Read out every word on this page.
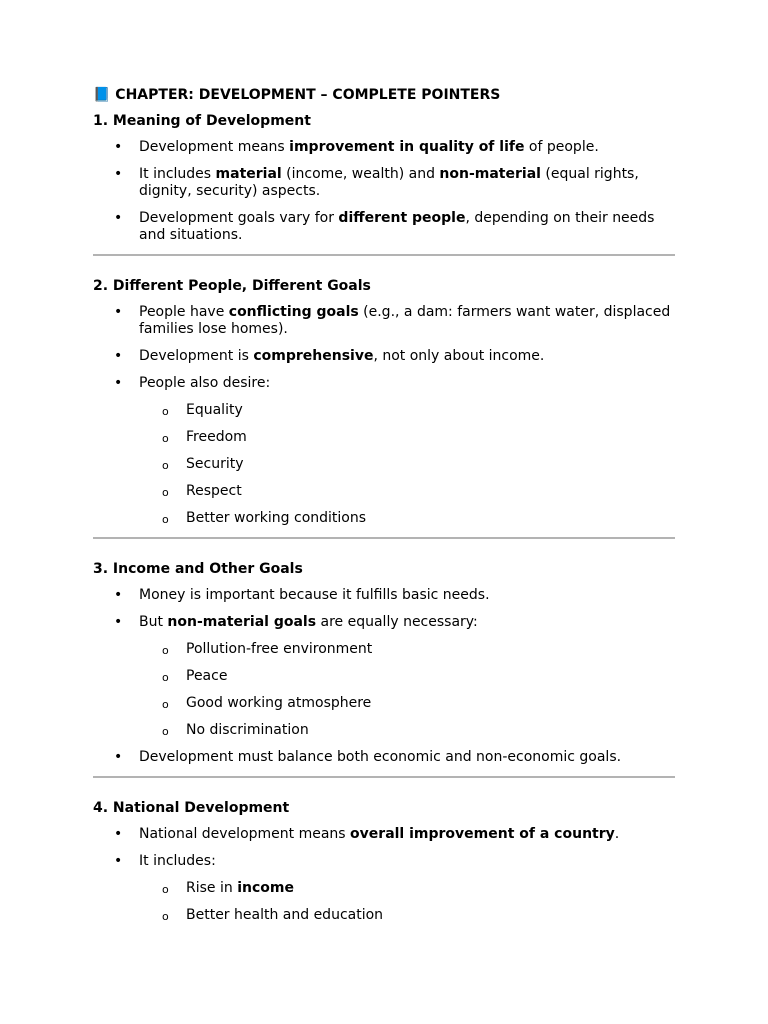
📘 CHAPTER: DEVELOPMENT – COMPLETE POINTERS
1. Meaning of Development
• Development means improvement in quality of life of people.
• It includes material (income, wealth) and non-material (equal rights, dignity, security) aspects.
• Development goals vary for different people, depending on their needs and situations.
2. Different People, Different Goals
• People have conflicting goals (e.g., a dam: farmers want water, displaced families lose homes).
• Development is comprehensive, not only about income.
• People also desire:
o Equality
o Freedom
o Security
o Respect
o Better working conditions
3. Income and Other Goals
• Money is important because it fulfills basic needs.
• But non-material goals are equally necessary:
o Pollution-free environment
o Peace
o Good working atmosphere
o No discrimination
• Development must balance both economic and non-economic goals.
4. National Development
• National development means overall improvement of a country.
• It includes:
o Rise in income
o Better health and education
